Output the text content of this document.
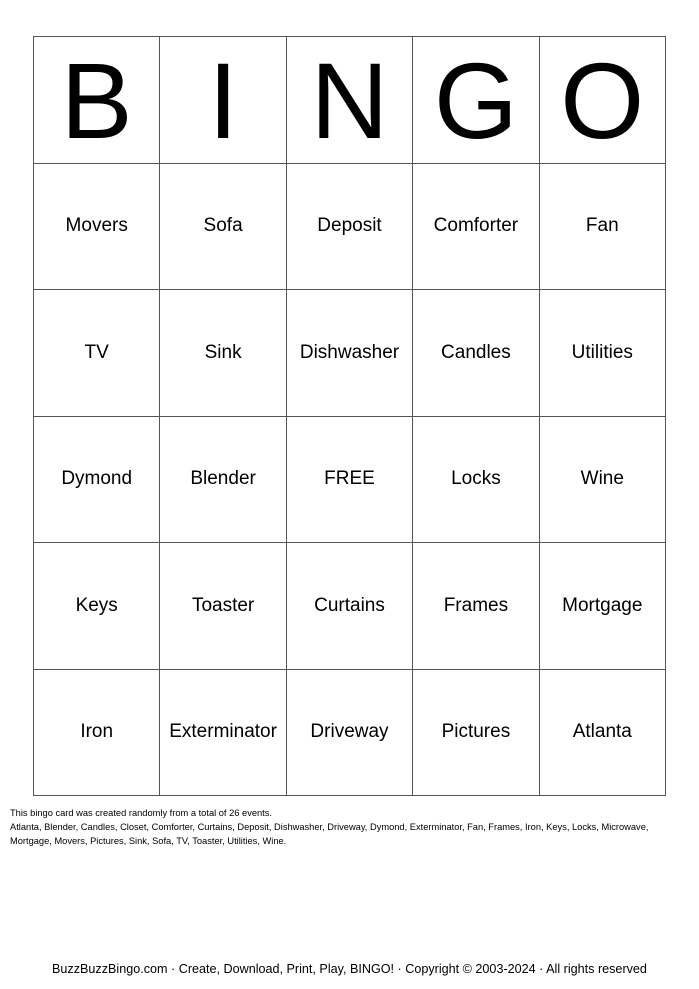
B I N G O
Movers	Sofa	Deposit	Comforter	Fan
TV	Sink	Dishwasher	Candles	Utilities
Dymond	Blender	FREE	Locks	Wine
Keys	Toaster	Curtains	Frames	Mortgage
Iron	Exterminator	Driveway	Pictures	Atlanta

This bingo card was created randomly from a total of 26 events.

Atlanta, Blender, Candles, Closet, Comforter, Curtains, Deposit, Dishwasher, Driveway, Dymond, Exterminator, Fan, Frames, Iron, Keys, Locks, Microwave, Mortgage, Movers, Pictures, Sink, Sofa, TV, Toaster, Utilities, Wine.

BuzzBuzzBingo.com · Create, Download, Print, Play, BINGO! · Copyright © 2003-2024 · All rights reserved
